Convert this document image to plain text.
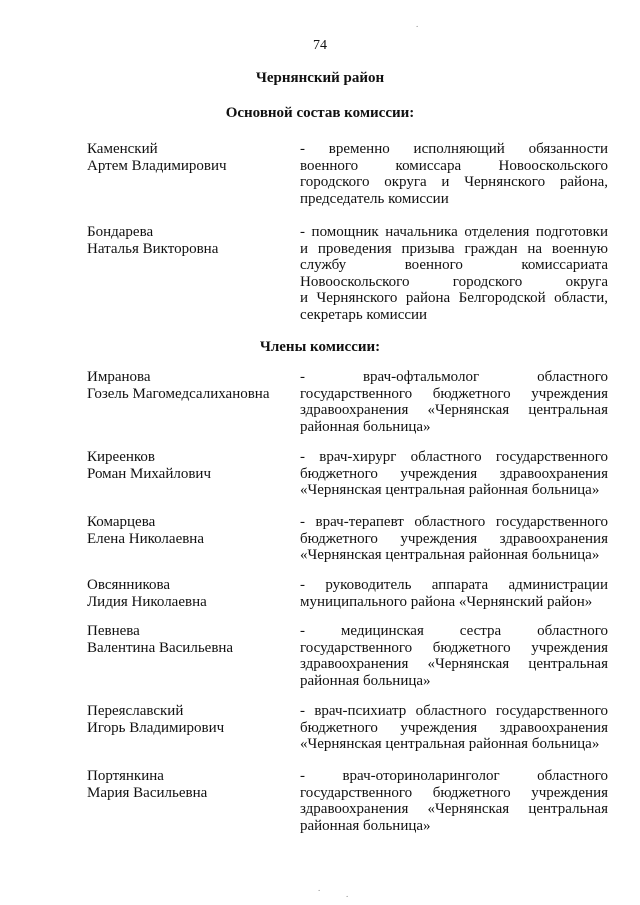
74
Чернянский район
Основной состав комиссии:
Каменский
Артем Владимирович
- временно исполняющий обязанности
военного комиссара Новооскольского
городского округа и Чернянского района,
председатель комиссии
Бондарева
Наталья Викторовна
- помощник начальника отделения подготовки
и проведения призыва граждан на военную
службу военного комиссариата
Новооскольского городского округа
и Чернянского района Белгородской области,
секретарь комиссии
Члены комиссии:
Имранова
Гозель Магомедсалихановна
- врач-офтальмолог областного
государственного бюджетного учреждения
здравоохранения «Чернянская центральная
районная больница»
Киреенков
Роман Михайлович
- врач-хирург областного государственного
бюджетного учреждения здравоохранения
«Чернянская центральная районная больница»
Комарцева
Елена Николаевна
- врач-терапевт областного государственного
бюджетного учреждения здравоохранения
«Чернянская центральная районная больница»
Овсянникова
Лидия Николаевна
- руководитель аппарата администрации
муниципального района «Чернянский район»
Певнева
Валентина Васильевна
- медицинская сестра областного
государственного бюджетного учреждения
здравоохранения «Чернянская центральная
районная больница»
Переяславский
Игорь Владимирович
- врач-психиатр областного государственного
бюджетного учреждения здравоохранения
«Чернянская центральная районная больница»
Портянкина
Мария Васильевна
- врач-оториноларинголог областного
государственного бюджетного учреждения
здравоохранения «Чернянская центральная
районная больница»
.
.
.
